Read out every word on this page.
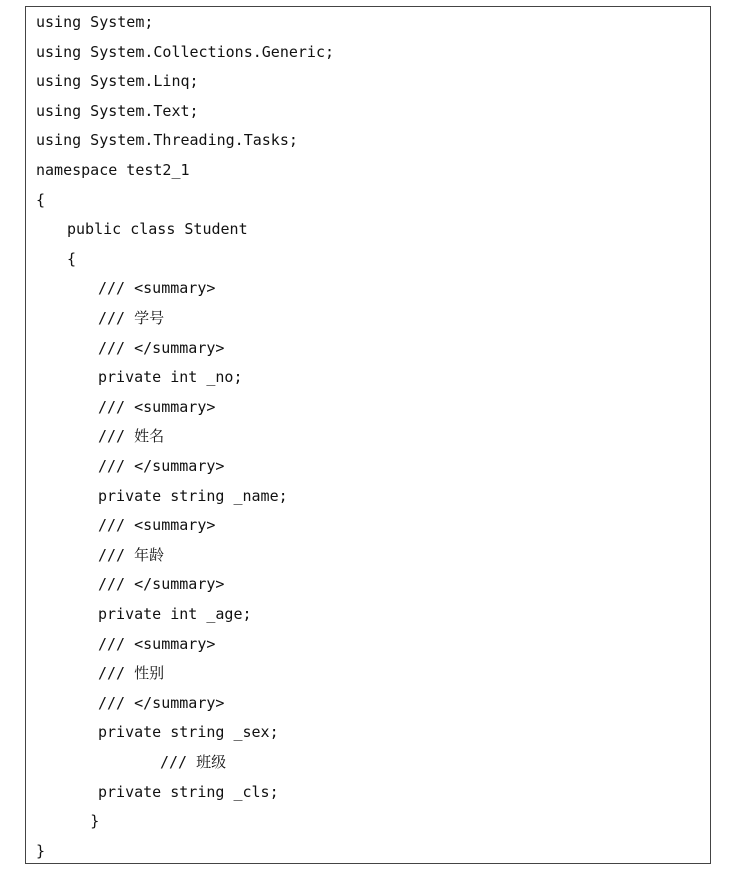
using System;
using System.Collections.Generic;
using System.Linq;
using System.Text;
using System.Threading.Tasks;
namespace test2_1
{
public class Student
{
/// <summary>
/// 学号
/// </summary>
private int _no;
/// <summary>
/// 姓名
/// </summary>
private string _name;
/// <summary>
/// 年龄
/// </summary>
private int _age;
/// <summary>
/// 性别
/// </summary>
private string _sex;
/// 班级
private string _cls;
}
}
